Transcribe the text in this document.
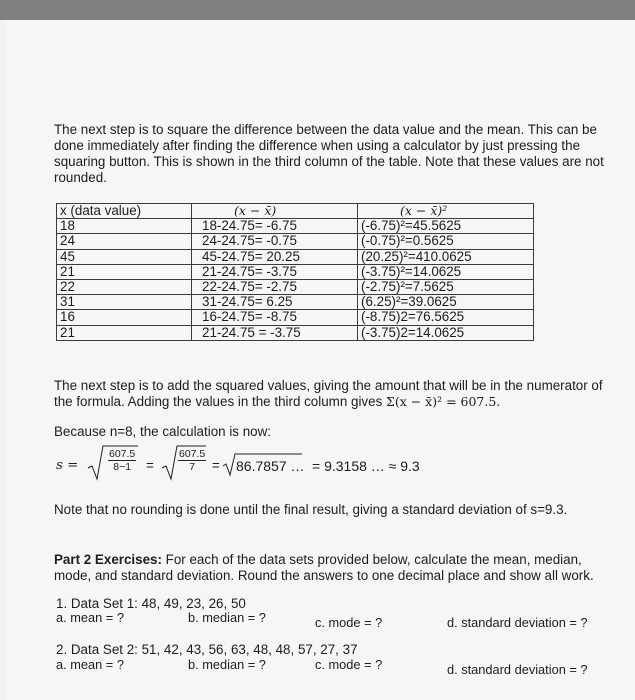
The next step is to square the difference between the data value and the mean. This can be
done immediately after finding the difference when using a calculator by just pressing the
squaring button. This is shown in the third column of the table. Note that these values are not
rounded.
x (data value)	(x − x̄)	(x − x̄)²
18	18-24.75= -6.75	(-6.75)²=45.5625
24	24-24.75= -0.75	(-0.75)²=0.5625
45	45-24.75= 20.25	(20.25)²=410.0625
21	21-24.75= -3.75	(-3.75)²=14.0625
22	22-24.75= -2.75	(-2.75)²=7.5625
31	31-24.75= 6.25	(6.25)²=39.0625
16	16-24.75= -8.75	(-8.75)2=76.5625
21	21-24.75 = -3.75	(-3.75)2=14.0625
The next step is to add the squared values, giving the amount that will be in the numerator of
the formula. Adding the values in the third column gives Σ(x − x̄)² = 607.5.
Because n=8, the calculation is now:
s =	$\frac{607.5}{8-1} = \frac{607.5}{7} = 86.7857$ … = 9.3158 … ≈ 9.3
Note that no rounding is done until the final result, giving a standard deviation of s=9.3.
Part 2 Exercises: For each of the data sets provided below, calculate the mean, median,
mode, and standard deviation. Round the answers to one decimal place and show all work.
1. Data Set 1: 48, 49, 23, 26, 50
a. mean = ?	b. median = ?	c. mode = ?	d. standard deviation = ?
2. Data Set 2: 51, 42, 43, 56, 63, 48, 48, 57, 27, 37
a. mean = ?	b. median = ?	c. mode = ?	d. standard deviation = ?
